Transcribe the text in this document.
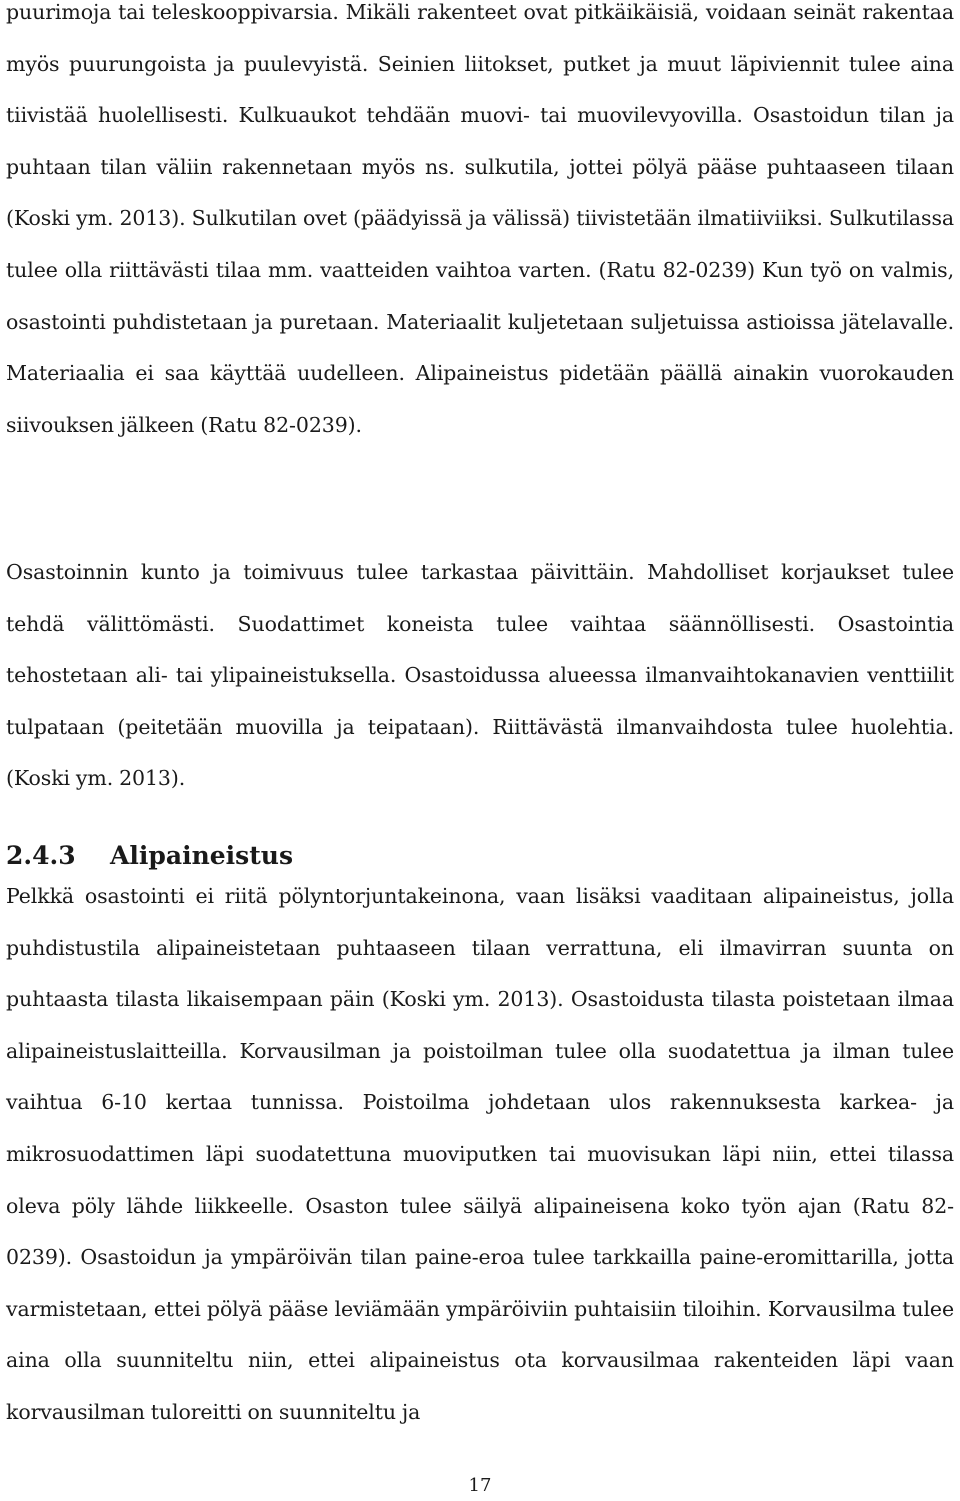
puurimoja tai teleskooppivarsia. Mikäli rakenteet ovat pitkäikäisiä, voidaan seinät rakentaa myös puurungoista ja puulevyistä. Seinien liitokset, putket ja muut läpiviennit tulee aina tiivistää huolellisesti. Kulkuaukot tehdään muovi- tai muovilevyovilla. Osastoidun tilan ja puhtaan tilan väliin rakennetaan myös ns. sulkutila, jottei pölyä pääse puhtaaseen tilaan (Koski ym. 2013). Sulkutilan ovet (päädyissä ja välissä) tiivistetään ilmatiiviiksi. Sulkutilassa tulee olla riittävästi tilaa mm. vaatteiden vaihtoa varten. (Ratu 82-0239) Kun työ on valmis, osastointi puhdistetaan ja puretaan. Materiaalit kuljetetaan suljetuissa astioissa jätelavalle. Materiaalia ei saa käyttää uudelleen. Alipaineistus pidetään päällä ainakin vuorokauden siivouksen jälkeen (Ratu 82-0239).

Osastoinnin kunto ja toimivuus tulee tarkastaa päivittäin. Mahdolliset korjaukset tulee tehdä välittömästi. Suodattimet koneista tulee vaihtaa säännöllisesti. Osastointia tehostetaan ali- tai ylipaineistuksella. Osastoidussa alueessa ilmanvaihtokanavien venttiilit tulpataan (peitetään muovilla ja teipataan). Riittävästä ilmanvaihdosta tulee huolehtia. (Koski ym. 2013).

2.4.3 Alipaineistus

Pelkkä osastointi ei riitä pölyntorjuntakeinona, vaan lisäksi vaaditaan alipaineistus, jolla puhdistustila alipaineistetaan puhtaaseen tilaan verrattuna, eli ilmavirran suunta on puhtaasta tilasta likaisempaan päin (Koski ym. 2013). Osastoidusta tilasta poistetaan ilmaa alipaineistuslaitteilla. Korvausilman ja poistoilman tulee olla suodatettua ja ilman tulee vaihtua 6-10 kertaa tunnissa. Poistoilma johdetaan ulos rakennuksesta karkea- ja mikrosuodattimen läpi suodatettuna muoviputken tai muovisukan läpi niin, ettei tilassa oleva pöly lähde liikkeelle. Osaston tulee säilyä alipaineisena koko työn ajan (Ratu 82-0239). Osastoidun ja ympäröivän tilan paine-eroa tulee tarkkailla paine-eromittarilla, jotta varmistetaan, ettei pölyä pääse leviämään ympäröiviin puhtaisiin tiloihin. Korvausilma tulee aina olla suunniteltu niin, ettei alipaineistus ota korvausilmaa rakenteiden läpi vaan korvausilman tuloreitti on suunniteltu ja

17
